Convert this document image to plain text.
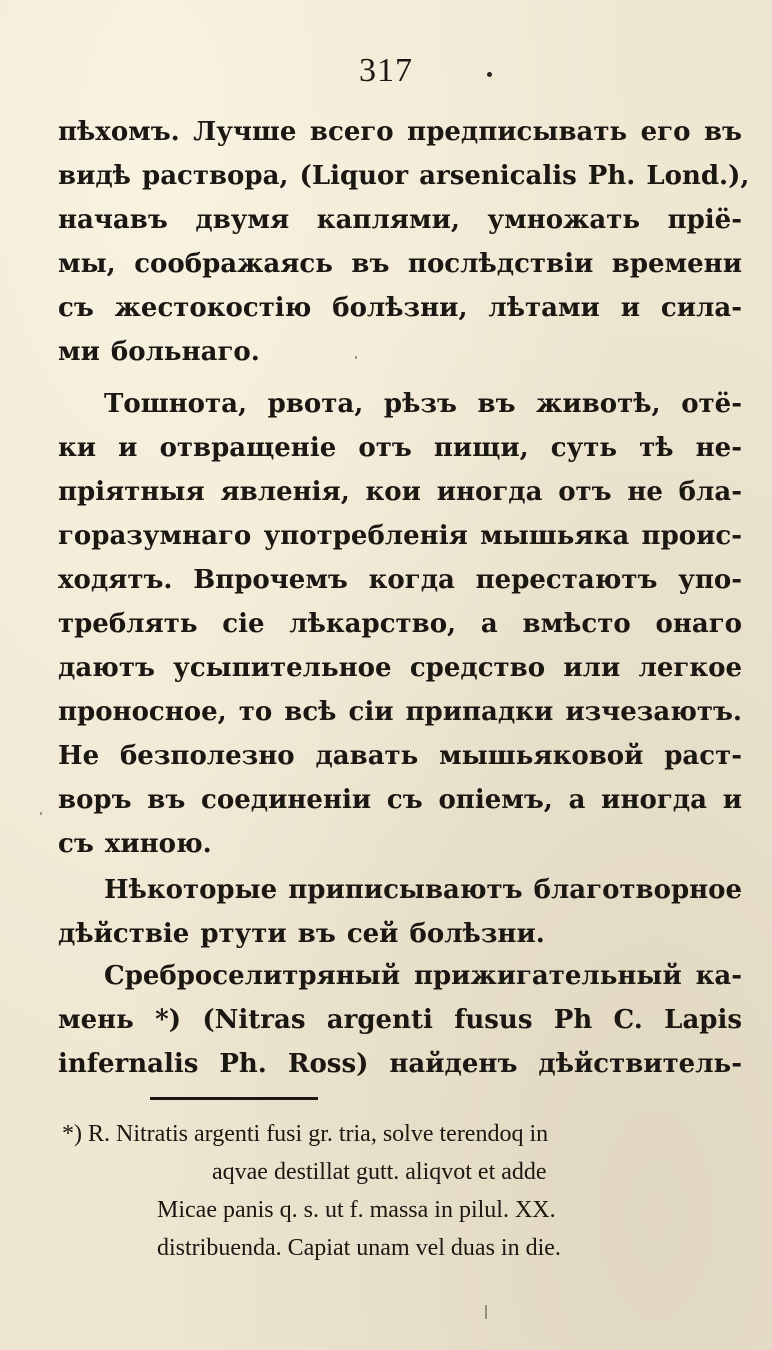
317
пѣхомъ. Лучше всего предписывать его въ
видѣ раствора, (Liquor arsenicalis Ph. Lond.),
начавъ двумя каплями, умножать пріё-
мы, соображаясь въ послѣдствіи времени
съ жестокостію болѣзни, лѣтами и сила-
ми больнаго.
Тошнота, рвота, рѣзъ въ животѣ, отё-
ки и отвращеніе отъ пищи, суть тѣ не-
пріятныя явленія, кои иногда отъ не бла-
горазумнаго употребленія мышьяка проис-
ходятъ. Впрочемъ когда перестаютъ упо-
треблять сіе лѣкарство, а вмѣсто онаго
даютъ усыпительное средство или легкое
проносное, то всѣ сіи припадки изчезаютъ.
Не безполезно давать мышьяковой раст-
воръ въ соединеніи съ опіемъ, а иногда и
съ хиною.
Нѣкоторые приписываютъ благотворное
дѣйствіе ртути въ сей болѣзни.
Среброселитряный прижигательный ка-
мень *) (Nitras argenti fusus Ph C. Lapis
infernalis Ph. Ross) найденъ дѣйствитель-
*) R. Nitratis argenti fusi gr. tria, solve terendoq in
aqvae destillat gutt. aliqvot et adde
Micae panis q. s. ut f. massa in pilul. XX.
distribuenda. Capiat unam vel duas in die.
